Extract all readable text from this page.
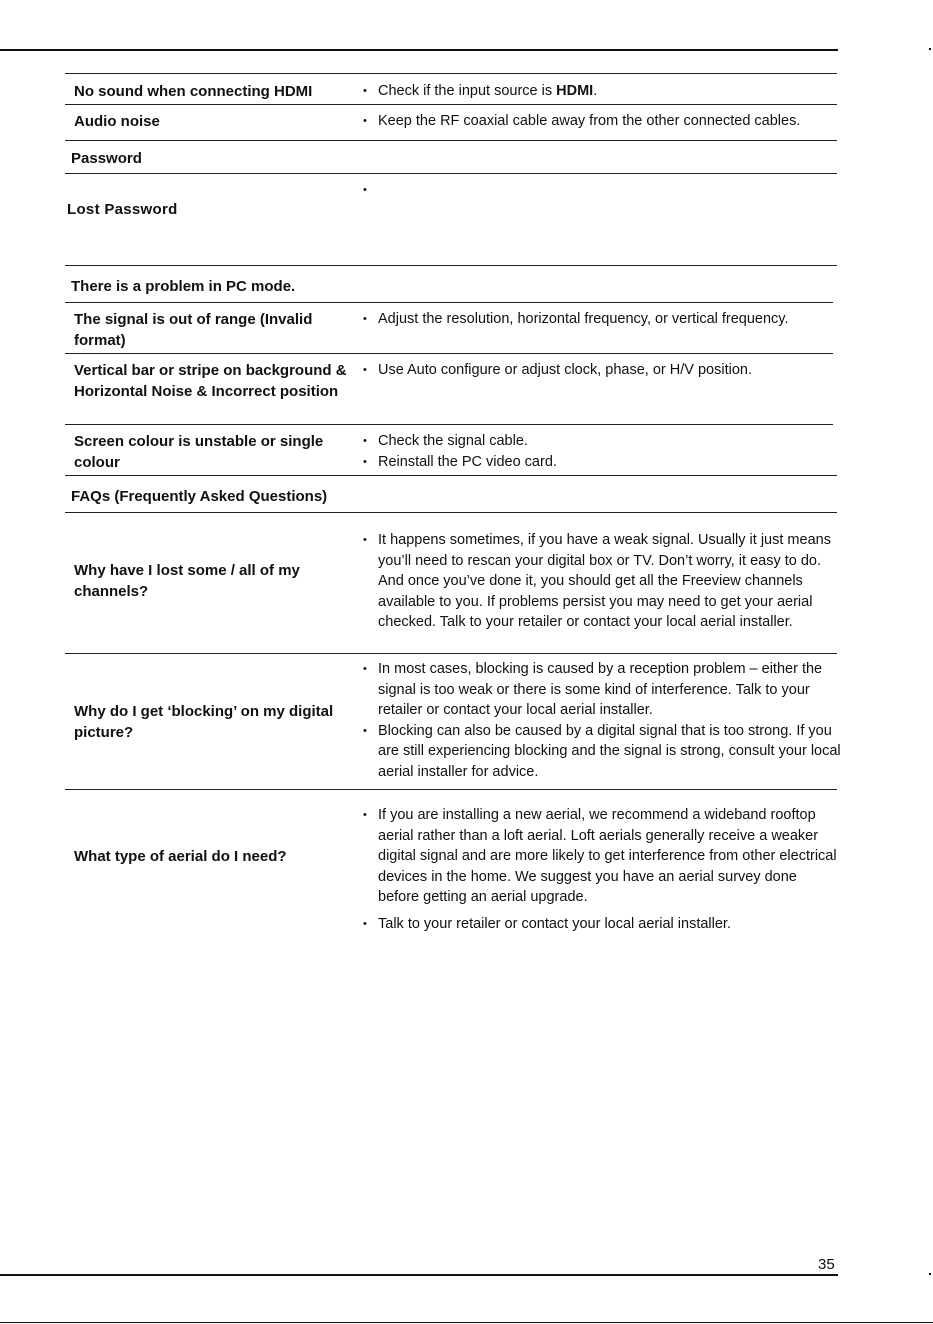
No sound when connecting HDMI	• Check if the input source is HDMI.
Audio noise	• Keep the RF coaxial cable away from the other connected cables.
Password
Lost Password
•
There is a problem in PC mode.
The signal is out of range (Invalid format)
• Adjust the resolution, horizontal frequency, or vertical frequency.
Vertical bar or stripe on background & Horizontal Noise & Incorrect position
• Use Auto configure or adjust clock, phase, or H/V position.
Screen colour is unstable or single colour
• Check the signal cable.
• Reinstall the PC video card.
FAQs (Frequently Asked Questions)
Why have I lost some / all of my channels?
• It happens sometimes, if you have a weak signal. Usually it just means you’ll need to rescan your digital box or TV. Don’t worry, it easy to do. And once you’ve done it, you should get all the Freeview channels available to you. If problems persist you may need to get your aerial checked. Talk to your retailer or contact your local aerial installer.
Why do I get ‘blocking’ on my digital picture?
• In most cases, blocking is caused by a reception problem – either the signal is too weak or there is some kind of interference. Talk to your retailer or contact your local aerial installer.
• Blocking can also be caused by a digital signal that is too strong. If you are still experiencing blocking and the signal is strong, consult your local aerial installer for advice.
What type of aerial do I need?
• If you are installing a new aerial, we recommend a wideband rooftop aerial rather than a loft aerial. Loft aerials generally receive a weaker digital signal and are more likely to get interference from other electrical devices in the home. We suggest you have an aerial survey done before getting an aerial upgrade.
• Talk to your retailer or contact your local aerial installer.
35
